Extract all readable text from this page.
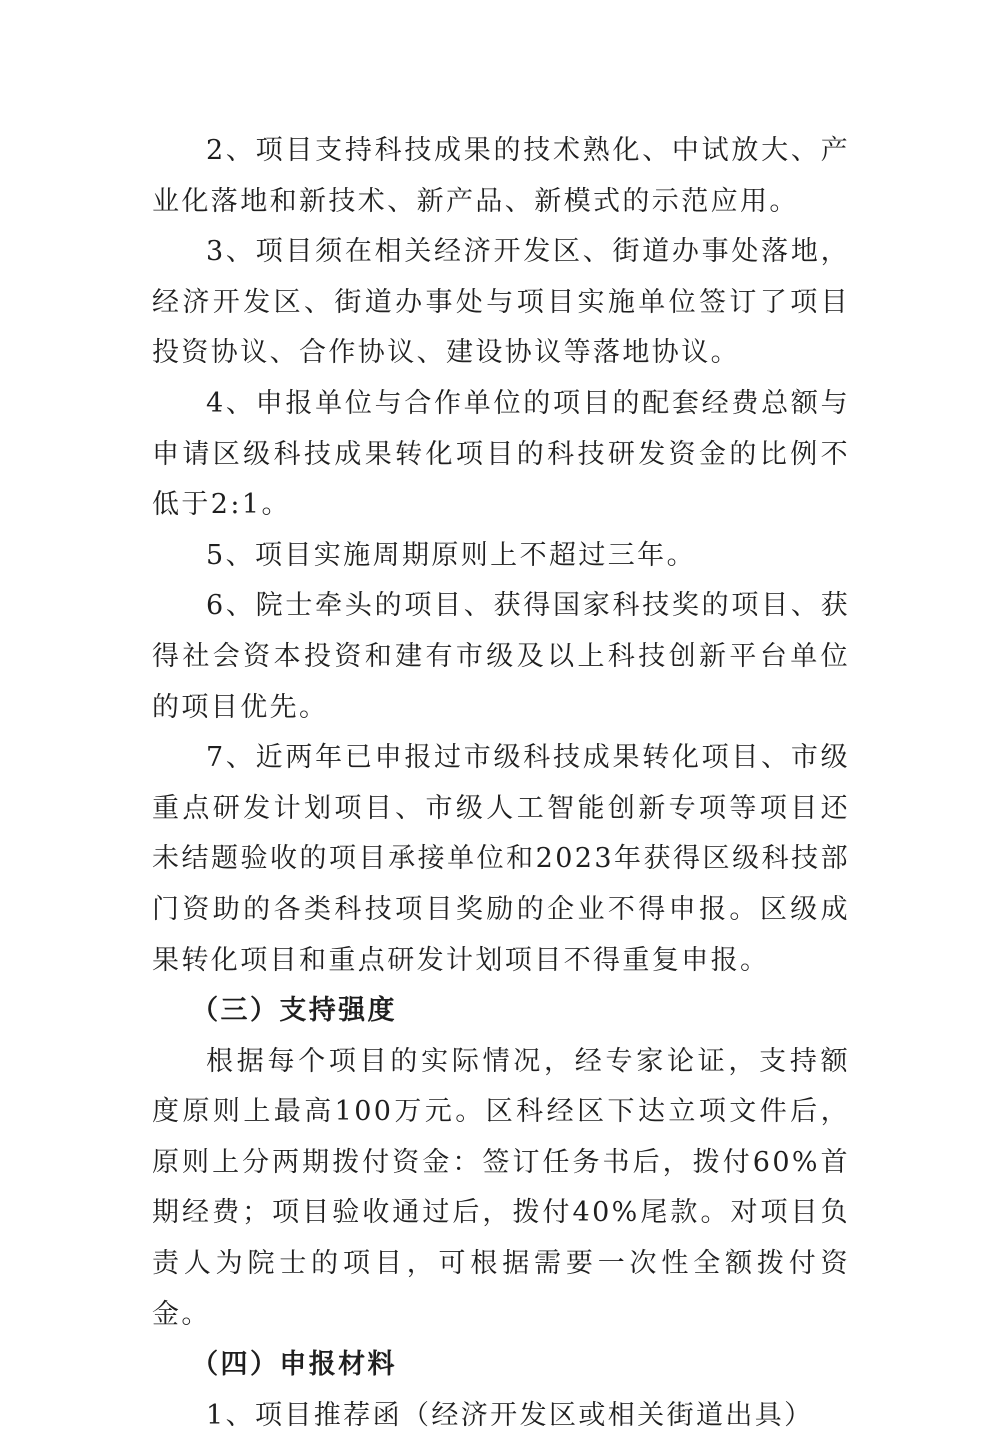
2、项目支持科技成果的技术熟化、中试放大、产业化落地和新技术、新产品、新模式的示范应用。

3、项目须在相关经济开发区、街道办事处落地，经济开发区、街道办事处与项目实施单位签订了项目投资协议、合作协议、建设协议等落地协议。

4、申报单位与合作单位的项目的配套经费总额与申请区级科技成果转化项目的科技研发资金的比例不低于2:1。

5、项目实施周期原则上不超过三年。

6、院士牵头的项目、获得国家科技奖的项目、获得社会资本投资和建有市级及以上科技创新平台单位的项目优先。

7、近两年已申报过市级科技成果转化项目、市级重点研发计划项目、市级人工智能创新专项等项目还未结题验收的项目承接单位和2023年获得区级科技部门资助的各类科技项目奖励的企业不得申报。区级成果转化项目和重点研发计划项目不得重复申报。

（三）支持强度

根据每个项目的实际情况，经专家论证，支持额度原则上最高100万元。区科经区下达立项文件后，原则上分两期拨付资金：签订任务书后，拨付60%首期经费；项目验收通过后，拨付40%尾款。对项目负责人为院士的项目，可根据需要一次性全额拨付资金。

（四）申报材料

1、项目推荐函（经济开发区或相关街道出具）
